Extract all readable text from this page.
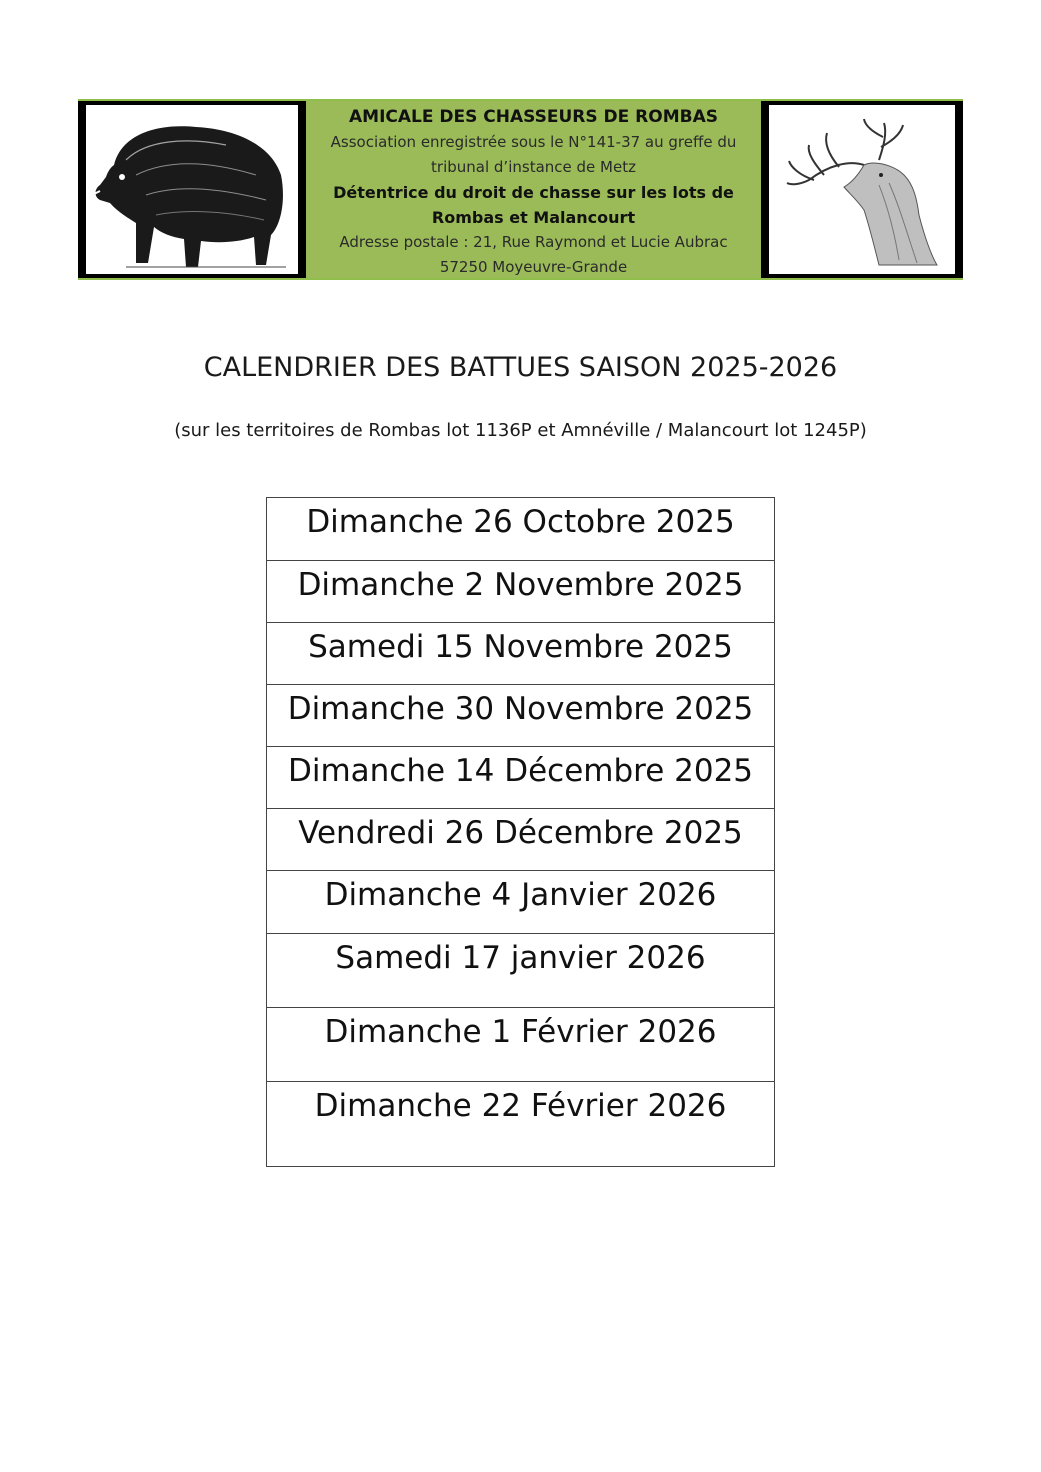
AMICALE DES CHASSEURS DE ROMBAS
Association enregistrée sous le N°141-37 au greffe du
tribunal d’instance de Metz
Détentrice du droit de chasse sur les lots de
Rombas et Malancourt
Adresse postale : 21, Rue Raymond et Lucie Aubrac
57250 Moyeuvre-Grande
CALENDRIER DES BATTUES SAISON 2025-2026
(sur les territoires de Rombas lot 1136P et Amnéville / Malancourt lot 1245P)
Dimanche 26 Octobre 2025
Dimanche 2 Novembre 2025
Samedi 15 Novembre 2025
Dimanche 30 Novembre 2025
Dimanche 14 Décembre 2025
Vendredi 26 Décembre 2025
Dimanche 4 Janvier 2026
Samedi 17 janvier 2026
Dimanche 1 Février 2026
Dimanche 22 Février 2026
